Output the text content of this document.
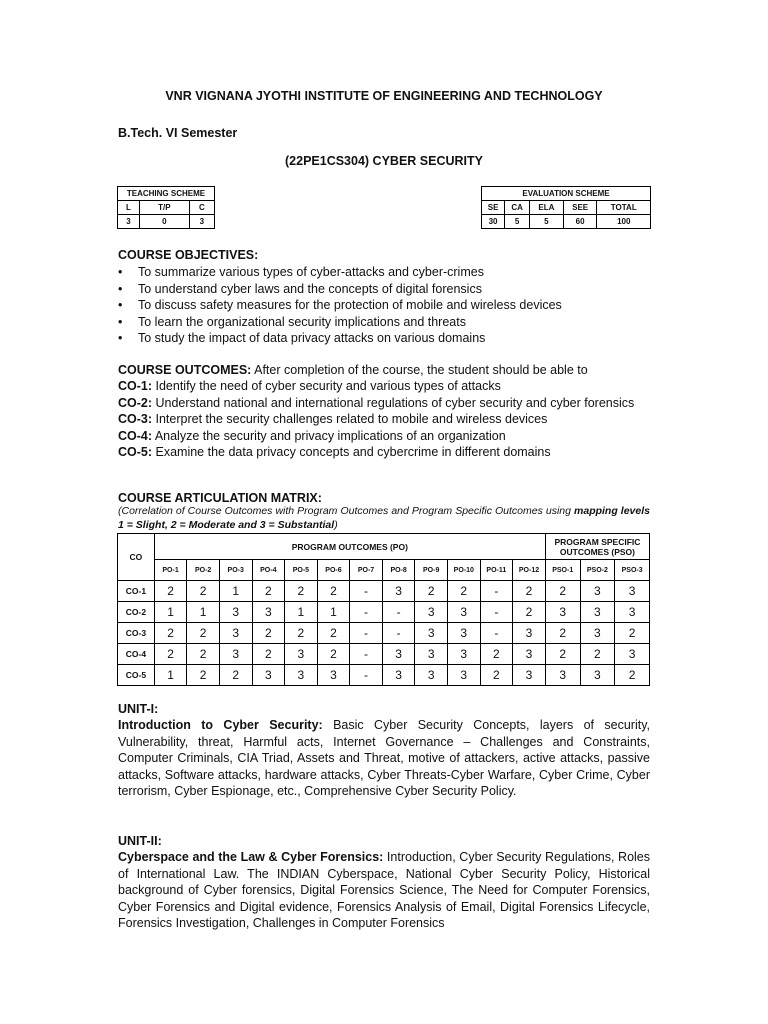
VNR VIGNANA JYOTHI INSTITUTE OF ENGINEERING AND TECHNOLOGY
B.Tech. VI Semester
(22PE1CS304) CYBER SECURITY
TEACHING SCHEME		
L	T/P	C
3	0	3
EVALUATION SCHEME				
SE	CA	ELA	SEE	TOTAL
30	5	5	60	100
COURSE OBJECTIVES:
• To summarize various types of cyber-attacks and cyber-crimes
• To understand cyber laws and the concepts of digital forensics
• To discuss safety measures for the protection of mobile and wireless devices
• To learn the organizational security implications and threats
• To study the impact of data privacy attacks on various domains
COURSE OUTCOMES: After completion of the course, the student should be able to
CO-1: Identify the need of cyber security and various types of attacks
CO-2: Understand national and international regulations of cyber security and cyber forensics
CO-3: Interpret the security challenges related to mobile and wireless devices
CO-4: Analyze the security and privacy implications of an organization
CO-5: Examine the data privacy concepts and cybercrime in different domains
COURSE ARTICULATION MATRIX:
(Correlation of Course Outcomes with Program Outcomes and Program Specific Outcomes using mapping levels 1 = Slight, 2 = Moderate and 3 = Substantial)
CO	PROGRAM OUTCOMES (PO)												PROGRAM SPECIFIC OUTCOMES (PSO)		
	PO-1	PO-2	PO-3	PO-4	PO-5	PO-6	PO-7	PO-8	PO-9	PO-10	PO-11	PO-12	PSO-1	PSO-2	PSO-3
CO-1	2	2	1	2	2	2	-	3	2	2	-	2	2	3	3
CO-2	1	1	3	3	1	1	-	-	3	3	-	2	3	3	3
CO-3	2	2	3	2	2	2	-	-	3	3	-	3	2	3	2
CO-4	2	2	3	2	3	2	-	3	3	3	2	3	2	2	3
CO-5	1	2	2	3	3	3	-	3	3	3	2	3	3	3	2
UNIT-I:
Introduction to Cyber Security: Basic Cyber Security Concepts, layers of security, Vulnerability, threat, Harmful acts, Internet Governance – Challenges and Constraints, Computer Criminals, CIA Triad, Assets and Threat, motive of attackers, active attacks, passive attacks, Software attacks, hardware attacks, Cyber Threats-Cyber Warfare, Cyber Crime, Cyber terrorism, Cyber Espionage, etc., Comprehensive Cyber Security Policy.
UNIT-II:
Cyberspace and the Law & Cyber Forensics: Introduction, Cyber Security Regulations, Roles of International Law. The INDIAN Cyberspace, National Cyber Security Policy, Historical background of Cyber forensics, Digital Forensics Science, The Need for Computer Forensics, Cyber Forensics and Digital evidence, Forensics Analysis of Email, Digital Forensics Lifecycle, Forensics Investigation, Challenges in Computer Forensics
